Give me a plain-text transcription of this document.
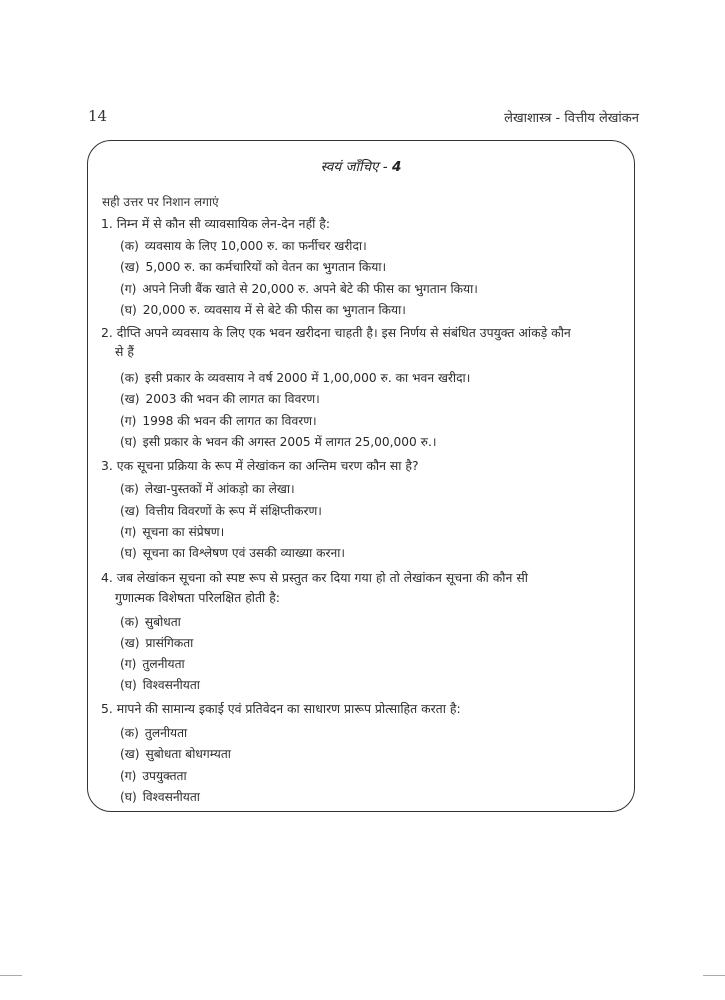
14	लेखाशास्त्र - वित्तीय लेखांकन
स्वयं जाँचिए - 4
सही उत्तर पर निशान लगाएं
1. निम्न में से कौन सी व्यावसायिक लेन-देन नहीं है:
(क) व्यवसाय के लिए 10,000 रु. का फर्नीचर खरीदा।
(ख) 5,000 रु. का कर्मचारियों को वेतन का भुगतान किया।
(ग) अपने निजी बैंक खाते से 20,000 रु. अपने बेटे की फीस का भुगतान किया।
(घ) 20,000 रु. व्यवसाय में से बेटे की फीस का भुगतान किया।
2. दीप्ति अपने व्यवसाय के लिए एक भवन खरीदना चाहती है। इस निर्णय से संबंधित उपयुक्त आंकड़े कौन
से हैं
(क) इसी प्रकार के व्यवसाय ने वर्ष 2000 में 1,00,000 रु. का भवन खरीदा।
(ख) 2003 की भवन की लागत का विवरण।
(ग) 1998 की भवन की लागत का विवरण।
(घ) इसी प्रकार के भवन की अगस्त 2005 में लागत 25,00,000 रु.।
3. एक सूचना प्रक्रिया के रूप में लेखांकन का अन्तिम चरण कौन सा है?
(क) लेखा-पुस्तकों में आंकड़ो का लेखा।
(ख) वित्तीय विवरणों के रूप में संक्षिप्तीकरण।
(ग) सूचना का संप्रेषण।
(घ) सूचना का विश्लेषण एवं उसकी व्याख्या करना।
4. जब लेखांकन सूचना को स्पष्ट रूप से प्रस्तुत कर दिया गया हो तो लेखांकन सूचना की कौन सी
गुणात्मक विशेषता परिलक्षित होती है:
(क) सुबोधता
(ख) प्रासंगिकता
(ग) तुलनीयता
(घ) विश्वसनीयता
5. मापने की सामान्य इकाई एवं प्रतिवेदन का साधारण प्रारूप प्रोत्साहित करता है:
(क) तुलनीयता
(ख) सुबोधता बोधगम्यता
(ग) उपयुक्तता
(घ) विश्वसनीयता
